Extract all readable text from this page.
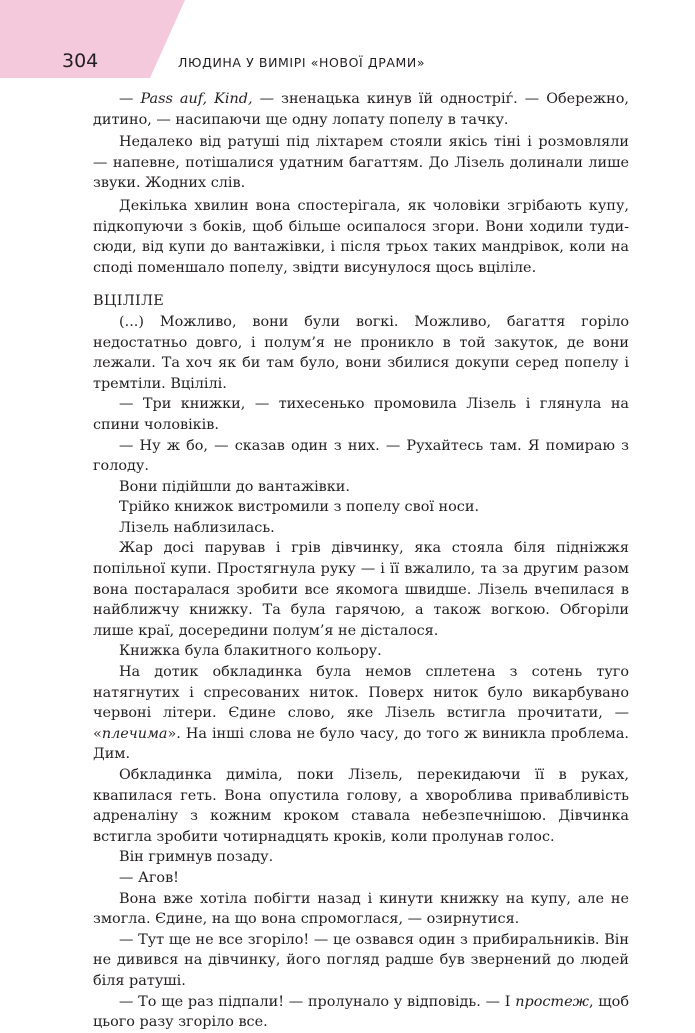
304	ЛЮДИНА У ВИМІРІ «НОВОЇ ДРАМИ»

— Pass auf, Kind, — зненацька кинув їй одностріѓ. — Обережно, дитино, — насипаючи ще одну лопату попелу в тачку.

Недалеко від ратуші під ліхтарем стояли якісь тіні і розмовляли — напевне, потішалися удатним багаттям. До Лізель долинали лише звуки. Жодних слів.

Декілька хвилин вона спостерігала, як чоловіки згрібають купу, підкопуючи з боків, щоб більше осипалося згори. Вони ходили туди-сюди, від купи до вантажівки, і після трьох таких мандрівок, коли на споді поменшало попелу, звідти висунулося щось вціліле.

ВЦІЛІЛЕ

(...) Можливо, вони були вогкі. Можливо, багаття горіло недостатньо довго, і полум’я не проникло в той закуток, де вони лежали. Та хоч як би там було, вони збилися докупи серед попелу і тремтіли. Вцілілі.

— Три книжки, — тихесенько промовила Лізель і глянула на спини чоловіків.

— Ну ж бо, — сказав один з них. — Рухайтесь там. Я помираю з голоду.

Вони підійшли до вантажівки.

Трійко книжок вистромили з попелу свої носи.

Лізель наблизилась.

Жар досі парував і грів дівчинку, яка стояла біля підніжжя попільної купи. Простягнула руку — і її вжалило, та за другим разом вона постаралася зробити все якомога швидше. Лізель вчепилася в найближчу книжку. Та була гарячою, а також вогкою. Обгоріли лише краї, досередини полум’я не дісталося.

Книжка була блакитного кольору.

На дотик обкладинка була немов сплетена з сотень туго натягнутих і спресованих ниток. Поверх ниток було викарбувано червоні літери. Єдине слово, яке Лізель встигла прочитати, — «плечима». На інші слова не було часу, до того ж виникла проблема. Дим.

Обкладинка диміла, поки Лізель, перекидаючи її в руках, квапилася геть. Вона опустила голову, а хвороблива привабливість адреналіну з кожним кроком ставала небезпечнішою. Дівчинка встигла зробити чотирнадцять кроків, коли пролунав голос.

Він гримнув позаду.

— Агов!

Вона вже хотіла побігти назад і кинути книжку на купу, але не змогла. Єдине, на що вона спромоглася, — озирнутися.

— Тут ще не все згоріло! — це озвався один з прибиральників. Він не дивився на дівчинку, його погляд радше був звернений до людей біля ратуші.

— То ще раз підпали! — пролунало у відповідь. — І простеж, щоб цього разу згоріло все.
